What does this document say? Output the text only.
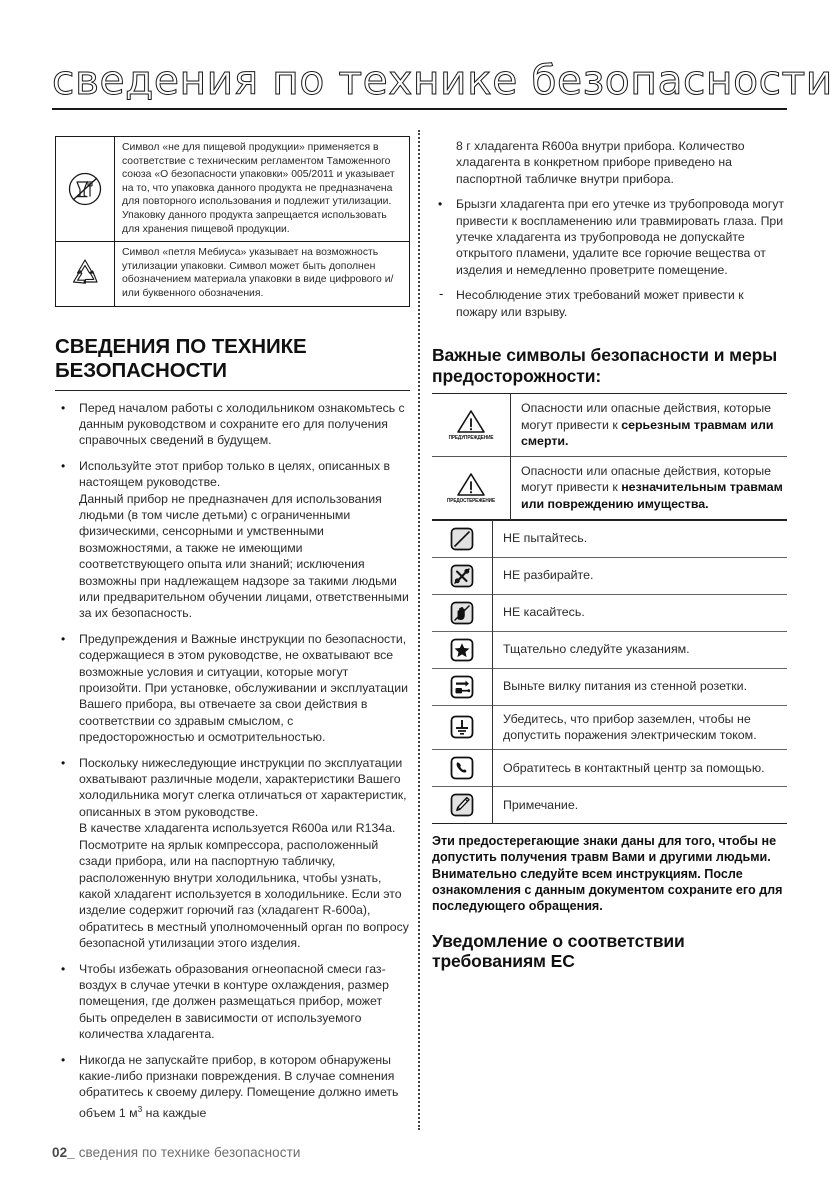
сведения по технике безопасности
	Символ «не для пищевой продукции» применяется в соответствие с техническим регламентом Таможенного союза «О безопасности упаковки» 005/2011 и указывает на то, что упаковка данного продукта не предназначена для повторного использования и подлежит утилизации. Упаковку данного продукта запрещается использовать для хранения пищевой продукции.

	Символ «петля Мебиуса» указывает на возможность утилизации упаковки. Символ может быть дополнен обозначением материала упаковки в виде цифрового и/или буквенного обозначения.
СВЕДЕНИЯ ПО ТЕХНИКЕ БЕЗОПАСНОСТИ
• Перед началом работы с холодильником ознакомьтесь с данным руководством и сохраните его для получения справочных сведений в будущем.
• Используйте этот прибор только в целях, описанных в настоящем руководстве.
Данный прибор не предназначен для использования людьми (в том числе детьми) с ограниченными физическими, сенсорными и умственными возможностями, а также не имеющими соответствующего опыта или знаний; исключения возможны при надлежащем надзоре за такими людьми или предварительном обучении лицами, ответственными за их безопасность.
• Предупреждения и Важные инструкции по безопасности, содержащиеся в этом руководстве, не охватывают все возможные условия и ситуации, которые могут произойти. При установке, обслуживании и эксплуатации Вашего прибора, вы отвечаете за свои действия в соответствии со здравым смыслом, с предосторожностью и осмотрительностью.
• Поскольку нижеследующие инструкции по эксплуатации охватывают различные модели, характеристики Вашего холодильника могут слегка отличаться от характеристик, описанных в этом руководстве.
В качестве хладагента используется R600a или R134a. Посмотрите на ярлык компрессора, расположенный сзади прибора, или на паспортную табличку, расположенную внутри холодильника, чтобы узнать, какой хладагент используется в холодильнике. Если это изделие содержит горючий газ (хладагент R-600a), обратитесь в местный уполномоченный орган по вопросу безопасной утилизации этого изделия.
• Чтобы избежать образования огнеопасной смеси газ-воздух в случае утечки в контуре охлаждения, размер помещения, где должен размещаться прибор, может быть определен в зависимости от используемого количества хладагента.
• Никогда не запускайте прибор, в котором обнаружены какие-либо признаки повреждения. В случае сомнения обратитесь к своему дилеру. Помещение должно иметь объем 1 $м^3$ на каждые
8 г хладагента R600a внутри прибора. Количество хладагента в конкретном приборе приведено на паспортной табличке внутри прибора.
• Брызги хладагента при его утечке из трубопровода могут привести к воспламенению или травмировать глаза. При утечке хладагента из трубопровода не допускайте открытого пламени, удалите все горючие вещества от изделия и немедленно проветрите помещение.
- Несоблюдение этих требований может привести к пожару или взрыву.
Важные символы безопасности и меры предосторожности:
ПРЕДУПРЕЖДЕНИЕ	Опасности или опасные действия, которые могут привести к серьезным травмам или смерти.

ПРЕДОСТЕРЕЖЕНИЕ	Опасности или опасные действия, которые могут привести к незначительным травмам или повреждению имущества.
	НЕ пытайтесь.

	НЕ разбирайте.

	НЕ касайтесь.

	Тщательно следуйте указаниям.

	Выньте вилку питания из стенной розетки.

	Убедитесь, что прибор заземлен, чтобы не допустить поражения электрическим током.

	Обратитесь в контактный центр за помощью.

	Примечание.
Эти предостерегающие знаки даны для того, чтобы не допустить получения травм Вами и другими людьми.
Внимательно следуйте всем инструкциям. После ознакомления с данным документом сохраните его для последующего обращения.
Уведомление о соответствии требованиям ЕС
02_ сведения по технике безопасности
